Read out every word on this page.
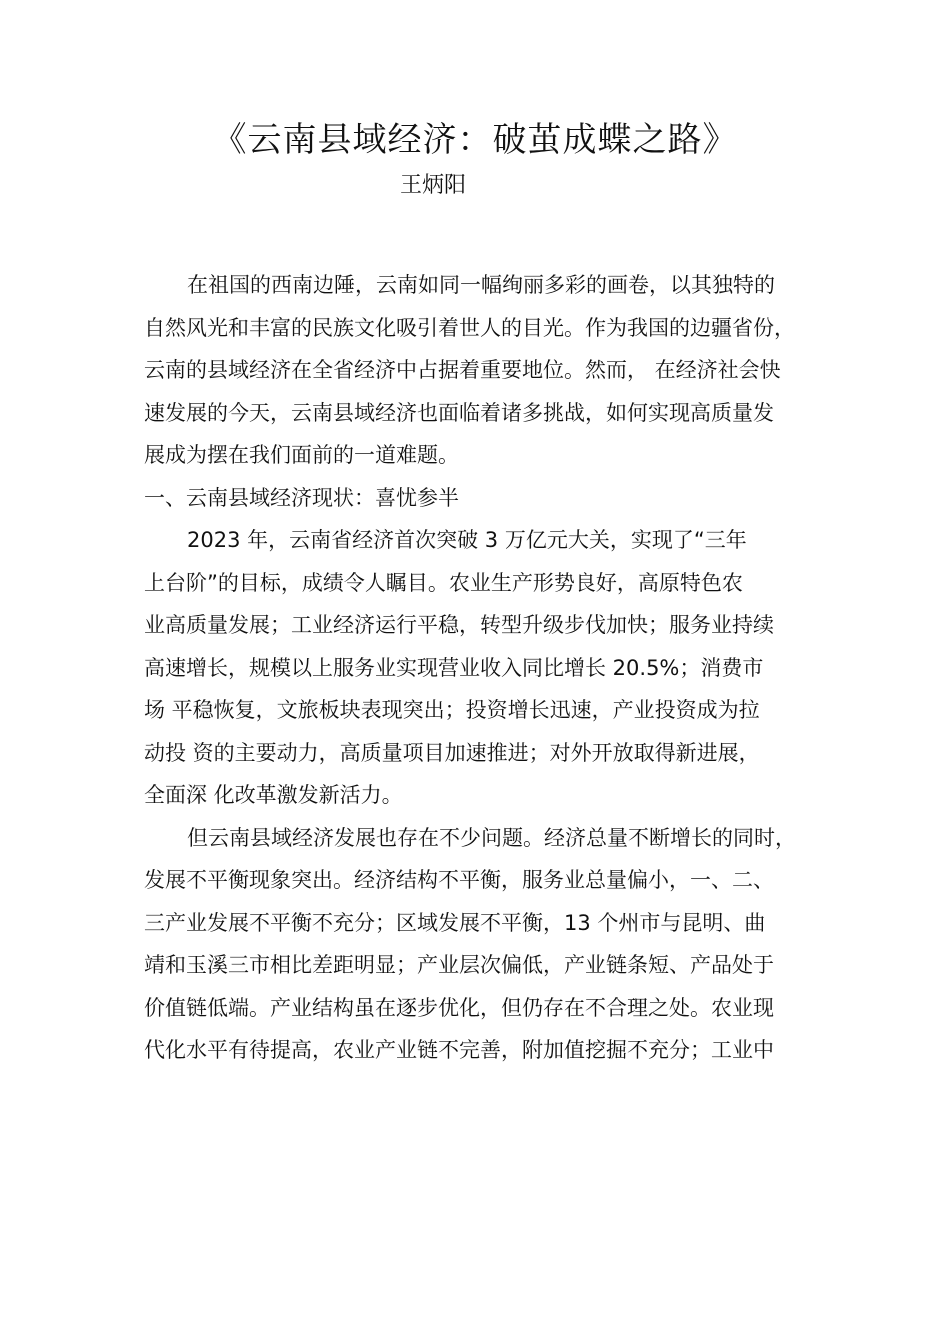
《云南县域经济：破茧成蝶之路》
王炳阳

在祖国的西南边陲，云南如同一幅绚丽多彩的画卷，以其独特的
自然风光和丰富的民族文化吸引着世人的目光。作为我国的边疆省份，
云南的县域经济在全省经济中占据着重要地位。然而， 在经济社会快
速发展的今天，云南县域经济也面临着诸多挑战，如何实现高质量发
展成为摆在我们面前的一道难题。

一、云南县域经济现状：喜忧参半

2023 年，云南省经济首次突破 3 万亿元大关，实现了“三年
上台阶”的目标，成绩令人瞩目。农业生产形势良好，高原特色农
业高质量发展；工业经济运行平稳，转型升级步伐加快；服务业持续
高速增长，规模以上服务业实现营业收入同比增长 20.5%；消费市
场 平稳恢复，文旅板块表现突出；投资增长迅速，产业投资成为拉
动投 资的主要动力，高质量项目加速推进；对外开放取得新进展，
全面深 化改革激发新活力。

但云南县域经济发展也存在不少问题。经济总量不断增长的同时，
发展不平衡现象突出。经济结构不平衡，服务业总量偏小，一、二、
三产业发展不平衡不充分；区域发展不平衡，13 个州市与昆明、曲
靖和玉溪三市相比差距明显；产业层次偏低，产业链条短、产品处于
价值链低端。产业结构虽在逐步优化，但仍存在不合理之处。农业现
代化水平有待提高，农业产业链不完善，附加值挖掘不充分；工业中
